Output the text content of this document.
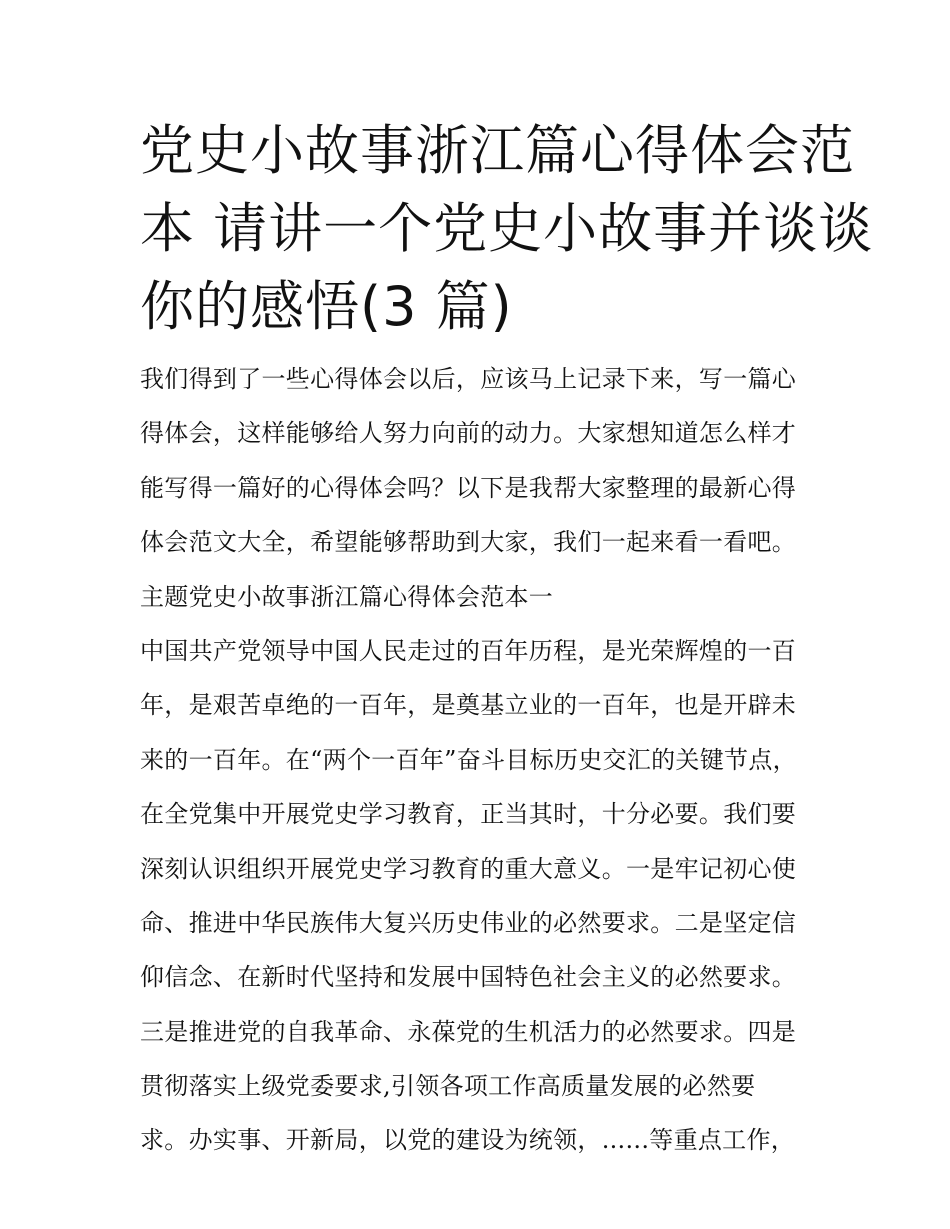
党史小故事浙江篇心得体会范
本 请讲一个党史小故事并谈谈
你的感悟(3 篇)
我们得到了一些心得体会以后，应该马上记录下来，写一篇心
得体会，这样能够给人努力向前的动力。大家想知道怎么样才
能写得一篇好的心得体会吗？以下是我帮大家整理的最新心得
体会范文大全，希望能够帮助到大家，我们一起来看一看吧。
主题党史小故事浙江篇心得体会范本一
中国共产党领导中国人民走过的百年历程，是光荣辉煌的一百
年，是艰苦卓绝的一百年，是奠基立业的一百年，也是开辟未
来的一百年。在“两个一百年”奋斗目标历史交汇的关键节点，
在全党集中开展党史学习教育，正当其时，十分必要。我们要
深刻认识组织开展党史学习教育的重大意义。一是牢记初心使
命、推进中华民族伟大复兴历史伟业的必然要求。二是坚定信
仰信念、在新时代坚持和发展中国特色社会主义的必然要求。
三是推进党的自我革命、永葆党的生机活力的必然要求。四是
贯彻落实上级党委要求,引领各项工作高质量发展的必然要
求。办实事、开新局，以党的建设为统领，......等重点工作，
